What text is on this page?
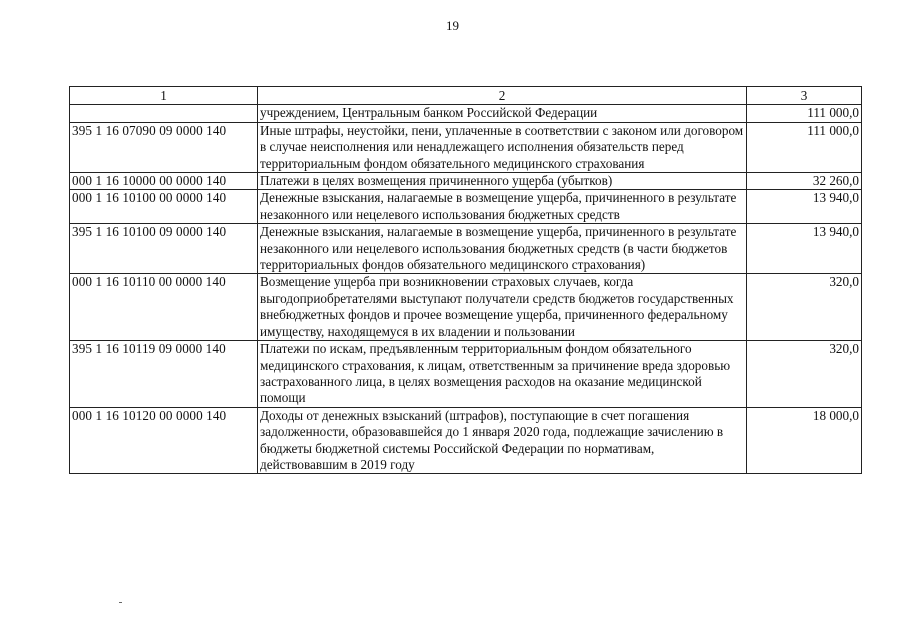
19
1	2	3
	учреждением, Центральным банком Российской Федерации	111 000,0
395 1 16 07090 09 0000 140	Иные штрафы, неустойки, пени, уплаченные в соответствии с законом или договором в случае неисполнения или ненадлежащего исполнения обязательств перед территориальным фондом обязательного медицинского страхования	111 000,0
000 1 16 10000 00 0000 140	Платежи в целях возмещения причиненного ущерба (убытков)	32 260,0
000 1 16 10100 00 0000 140	Денежные взыскания, налагаемые в возмещение ущерба, причиненного в результате незаконного или нецелевого использования бюджетных средств	13 940,0
395 1 16 10100 09 0000 140	Денежные взыскания, налагаемые в возмещение ущерба, причиненного в результате незаконного или нецелевого использования бюджетных средств (в части бюджетов территориальных фондов обязательного медицинского страхования)	13 940,0
000 1 16 10110 00 0000 140	Возмещение ущерба при возникновении страховых случаев, когда выгодоприобретателями выступают получатели средств бюджетов государственных внебюджетных фондов и прочее возмещение ущерба, причиненного федеральному имуществу, находящемуся в их владении и пользовании	320,0
395 1 16 10119 09 0000 140	Платежи по искам, предъявленным территориальным фондом обязательного медицинского страхования, к лицам, ответственным за причинение вреда здоровью застрахованного лица, в целях возмещения расходов на оказание медицинской помощи	320,0
000 1 16 10120 00 0000 140	Доходы от денежных взысканий (штрафов), поступающие в счет погашения задолженности, образовавшейся до 1 января 2020 года, подлежащие зачислению в бюджеты бюджетной системы Российской Федерации по нормативам, действовавшим в 2019 году	18 000,0
